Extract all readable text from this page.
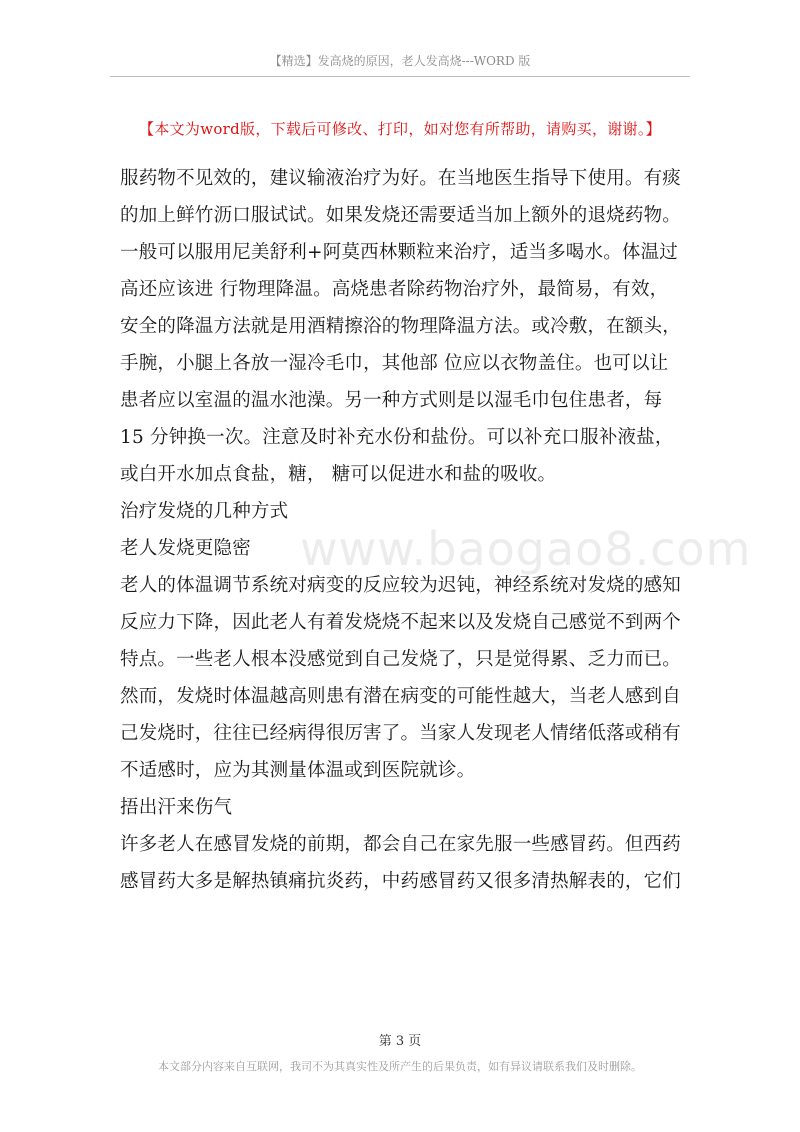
【精选】发高烧的原因，老人发高烧---WORD 版
【本文为word版，下载后可修改、打印，如对您有所帮助，请购买，谢谢。】
www.baogao8.com
服药物不见效的，建议输液治疗为好。在当地医生指导下使用。有痰
的加上鲜竹沥口服试试。如果发烧还需要适当加上额外的退烧药物。
一般可以服用尼美舒利+阿莫西林颗粒来治疗，适当多喝水。体温过
高还应该进 行物理降温。高烧患者除药物治疗外，最简易，有效，
安全的降温方法就是用酒精擦浴的物理降温方法。或冷敷，在额头，
手腕，小腿上各放一湿冷毛巾，其他部 位应以衣物盖住。也可以让
患者应以室温的温水池澡。另一种方式则是以湿毛巾包住患者，每
15 分钟换一次。注意及时补充水份和盐份。可以补充口服补液盐，
或白开水加点食盐，糖， 糖可以促进水和盐的吸收。
治疗发烧的几种方式
老人发烧更隐密
老人的体温调节系统对病变的反应较为迟钝，神经系统对发烧的感知
反应力下降，因此老人有着发烧烧不起来以及发烧自己感觉不到两个
特点。一些老人根本没感觉到自己发烧了，只是觉得累、乏力而已。
然而，发烧时体温越高则患有潜在病变的可能性越大，当老人感到自
己发烧时，往往已经病得很厉害了。当家人发现老人情绪低落或稍有
不适感时，应为其测量体温或到医院就诊。
捂出汗来伤气
许多老人在感冒发烧的前期，都会自己在家先服一些感冒药。但西药
感冒药大多是解热镇痛抗炎药，中药感冒药又很多清热解表的，它们
第 3 页
本文部分内容来自互联网，我司不为其真实性及所产生的后果负责，如有异议请联系我们及时删除。
